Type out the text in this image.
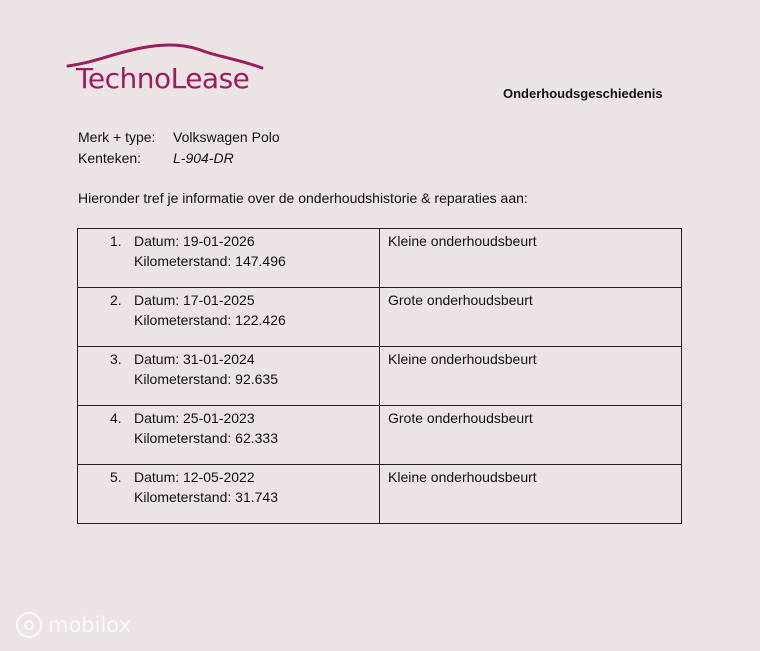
TechnoLease	Onderhoudsgeschiedenis
Merk + type:	Volkswagen Polo
Kenteken:	L-904-DR
Hieronder tref je informatie over de onderhoudshistorie & reparaties aan:
1. Datum: 19-01-2026
Kilometerstand: 147.496	Kleine onderhoudsbeurt

2. Datum: 17-01-2025
Kilometerstand: 122.426	Grote onderhoudsbeurt

3. Datum: 31-01-2024
Kilometerstand: 92.635	Kleine onderhoudsbeurt

4. Datum: 25-01-2023
Kilometerstand: 62.333	Grote onderhoudsbeurt

5. Datum: 12-05-2022
Kilometerstand: 31.743	Kleine onderhoudsbeurt
mobilox
